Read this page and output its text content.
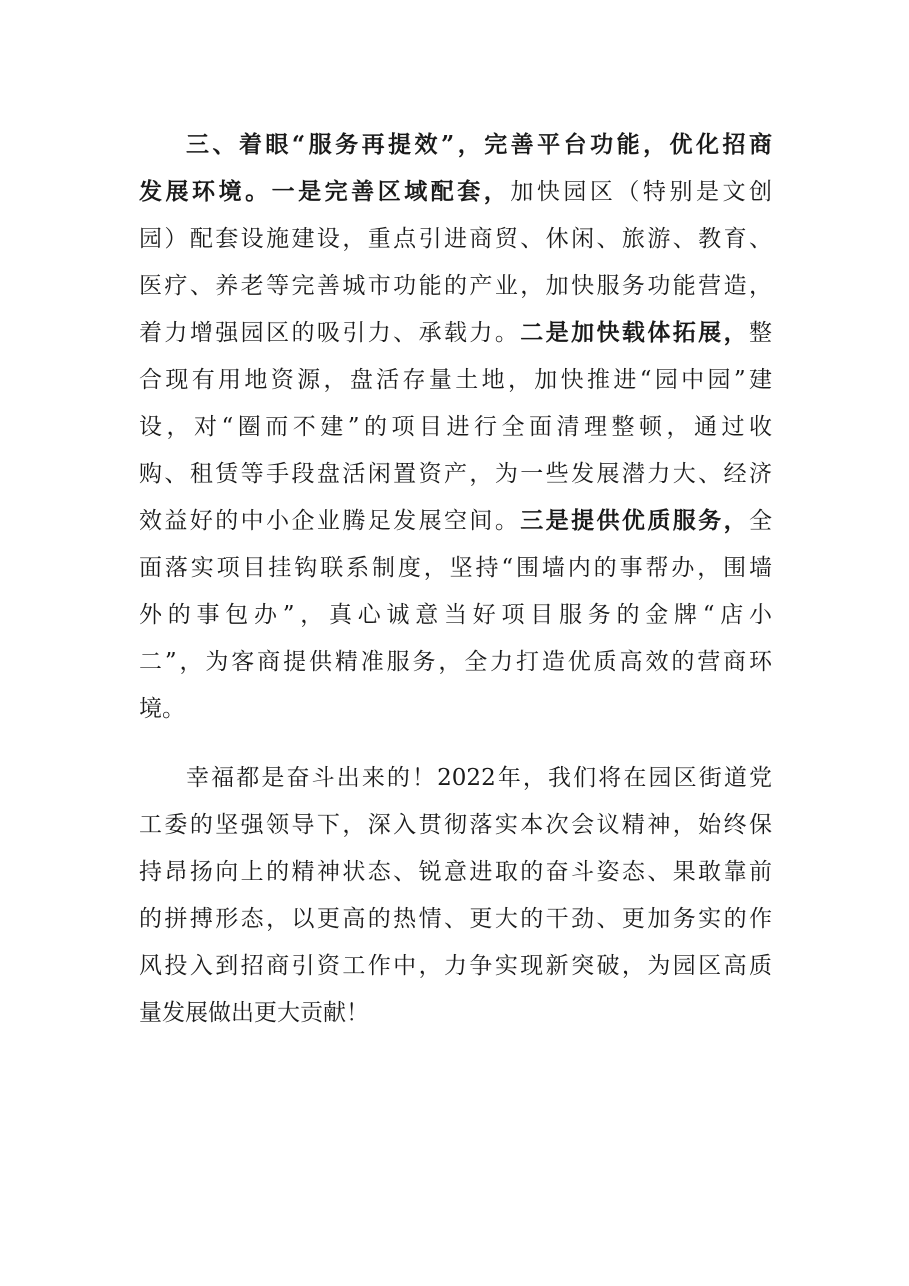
三、着眼“服务再提效”，完善平台功能，优化招商
发展环境。一是完善区域配套，加快园区（特别是文创
园）配套设施建设，重点引进商贸、休闲、旅游、教育、
医疗、养老等完善城市功能的产业，加快服务功能营造，
着力增强园区的吸引力、承载力。二是加快载体拓展，整
合现有用地资源，盘活存量土地，加快推进“园中园”建
设，对“圈而不建”的项目进行全面清理整顿，通过收
购、租赁等手段盘活闲置资产，为一些发展潜力大、经济
效益好的中小企业腾足发展空间。三是提供优质服务，全
面落实项目挂钩联系制度，坚持“围墙内的事帮办，围墙
外的事包办”，真心诚意当好项目服务的金牌“店小
二”，为客商提供精准服务，全力打造优质高效的营商环
境。
幸福都是奋斗出来的！2022年，我们将在园区街道党
工委的坚强领导下，深入贯彻落实本次会议精神，始终保
持昂扬向上的精神状态、锐意进取的奋斗姿态、果敢靠前
的拼搏形态，以更高的热情、更大的干劲、更加务实的作
风投入到招商引资工作中，力争实现新突破，为园区高质
量发展做出更大贡献！
